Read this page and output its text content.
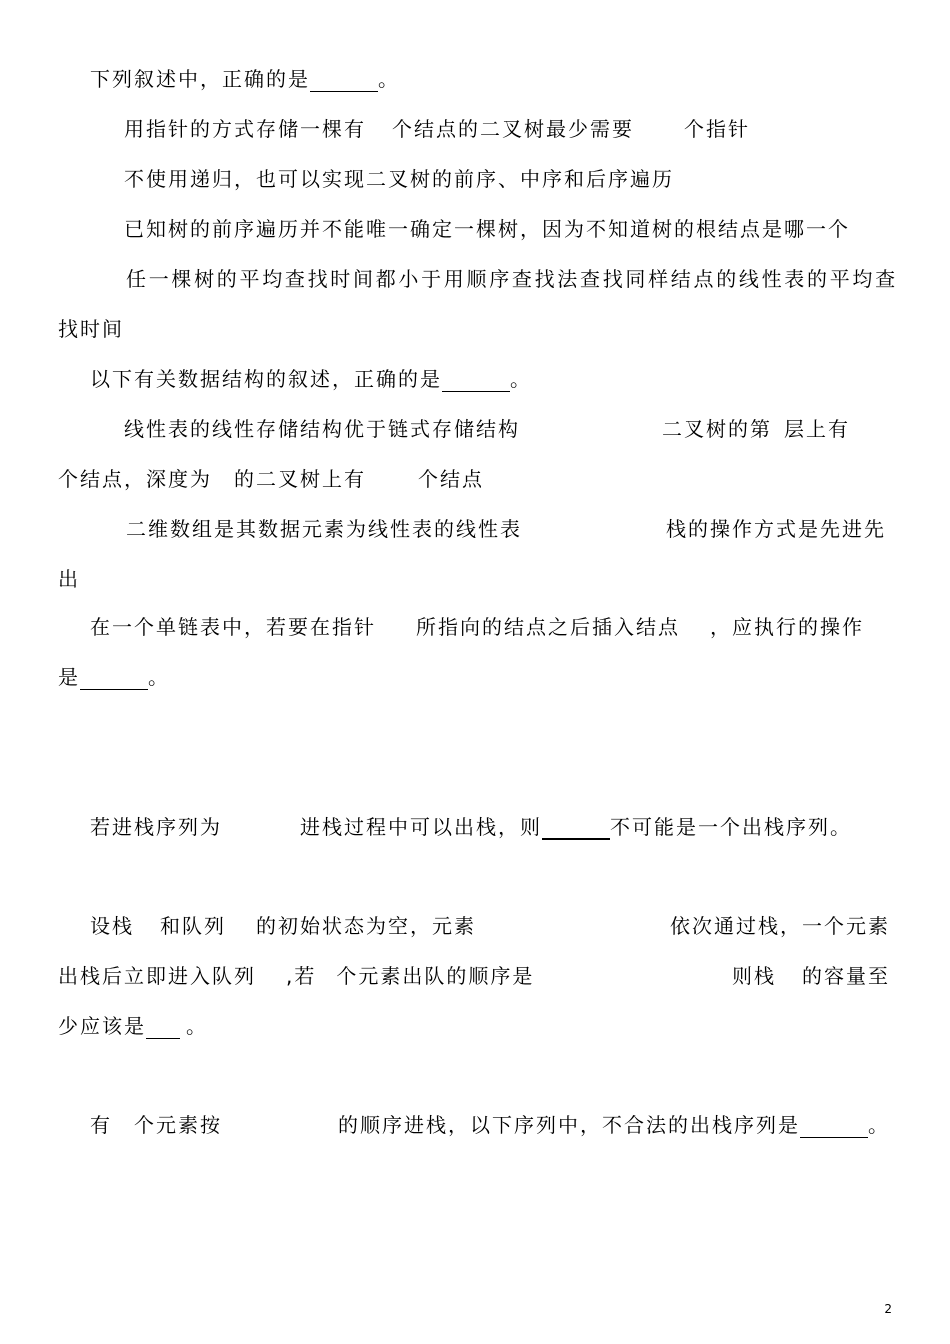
下列叙述中，正确的是	。
用指针的方式存储一棵有 个结点的二叉树最少需要	个指针
不使用递归，也可以实现二叉树的前序、中序和后序遍历
已知树的前序遍历并不能唯一确定一棵树，因为不知道树的根结点是哪一个
任一棵树的平均查找时间都小于用顺序查找法查找同样结点的线性表的平均查
找时间
以下有关数据结构的叙述，正确的是	。
线性表的线性存储结构优于链式存储结构	二叉树的第 层上有
个结点，深度为 的二叉树上有	个结点
二维数组是其数据元素为线性表的线性表	栈的操作方式是先进先
出
在一个单链表中，若要在指针 所指向的结点之后插入结点 ，应执行的操作
是	。
若进栈序列为	进栈过程中可以出栈，则	不可能是一个出栈序列。
设栈 和队列 的初始状态为空，元素	依次通过栈，一个元素
出栈后立即进入队列 ,若 个元素出队的顺序是	则栈 的容量至
少应该是 。
有 个元素按	的顺序进栈，以下序列中，不合法的出栈序列是	。
2
